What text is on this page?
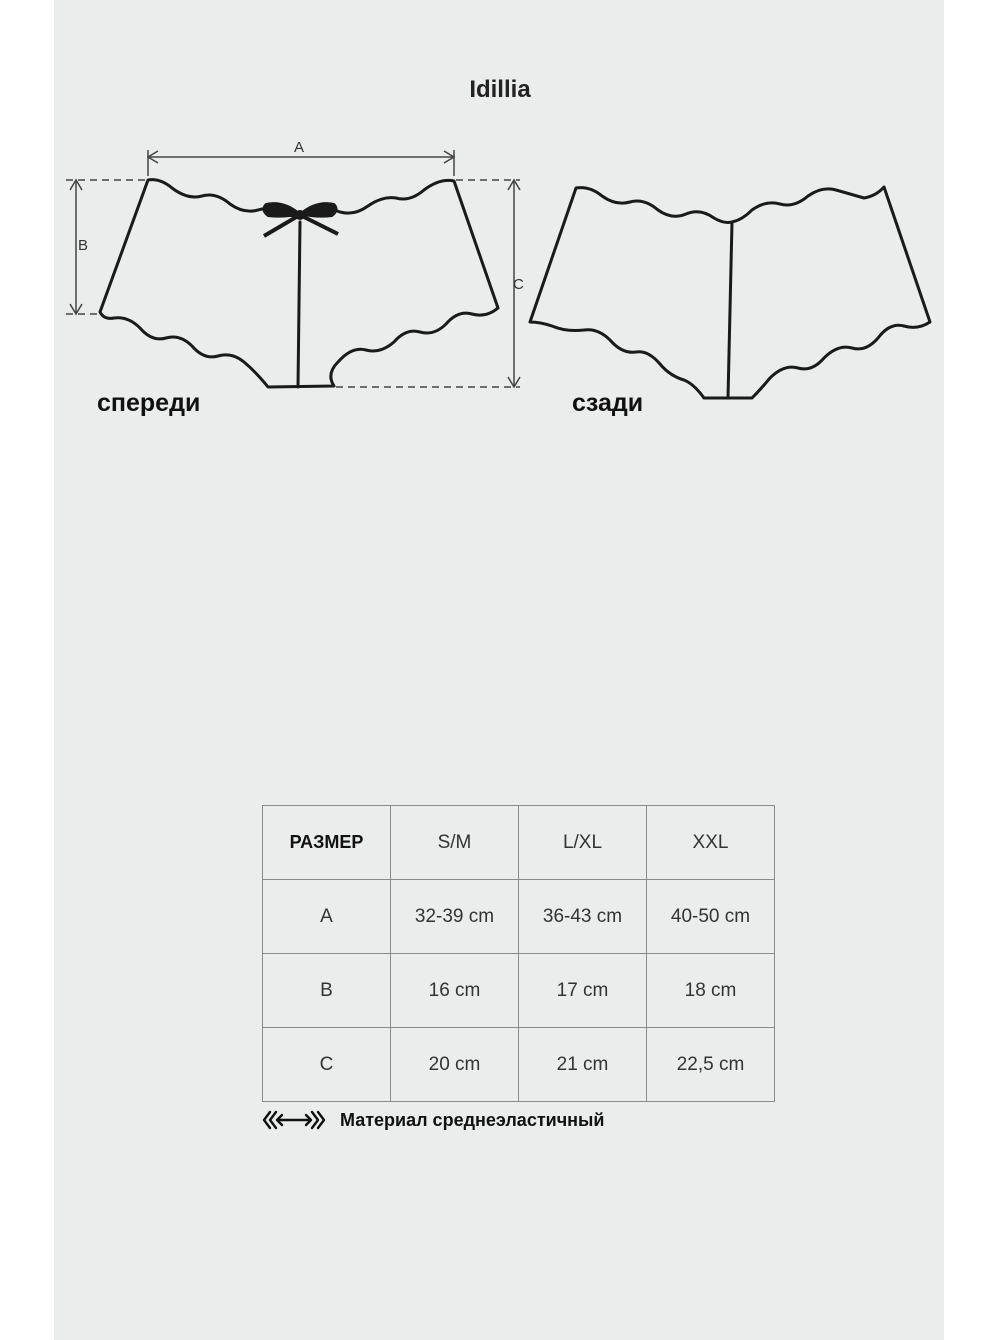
Idillia
A
B
C
спереди	сзади
РАЗМЕР	S/M	L/XL	XXL
A	32-39 cm	36-43 cm	40-50 cm
B	16 cm	17 cm	18 cm
C	20 cm	21 cm	22,5 cm
Материал среднеэластичный
